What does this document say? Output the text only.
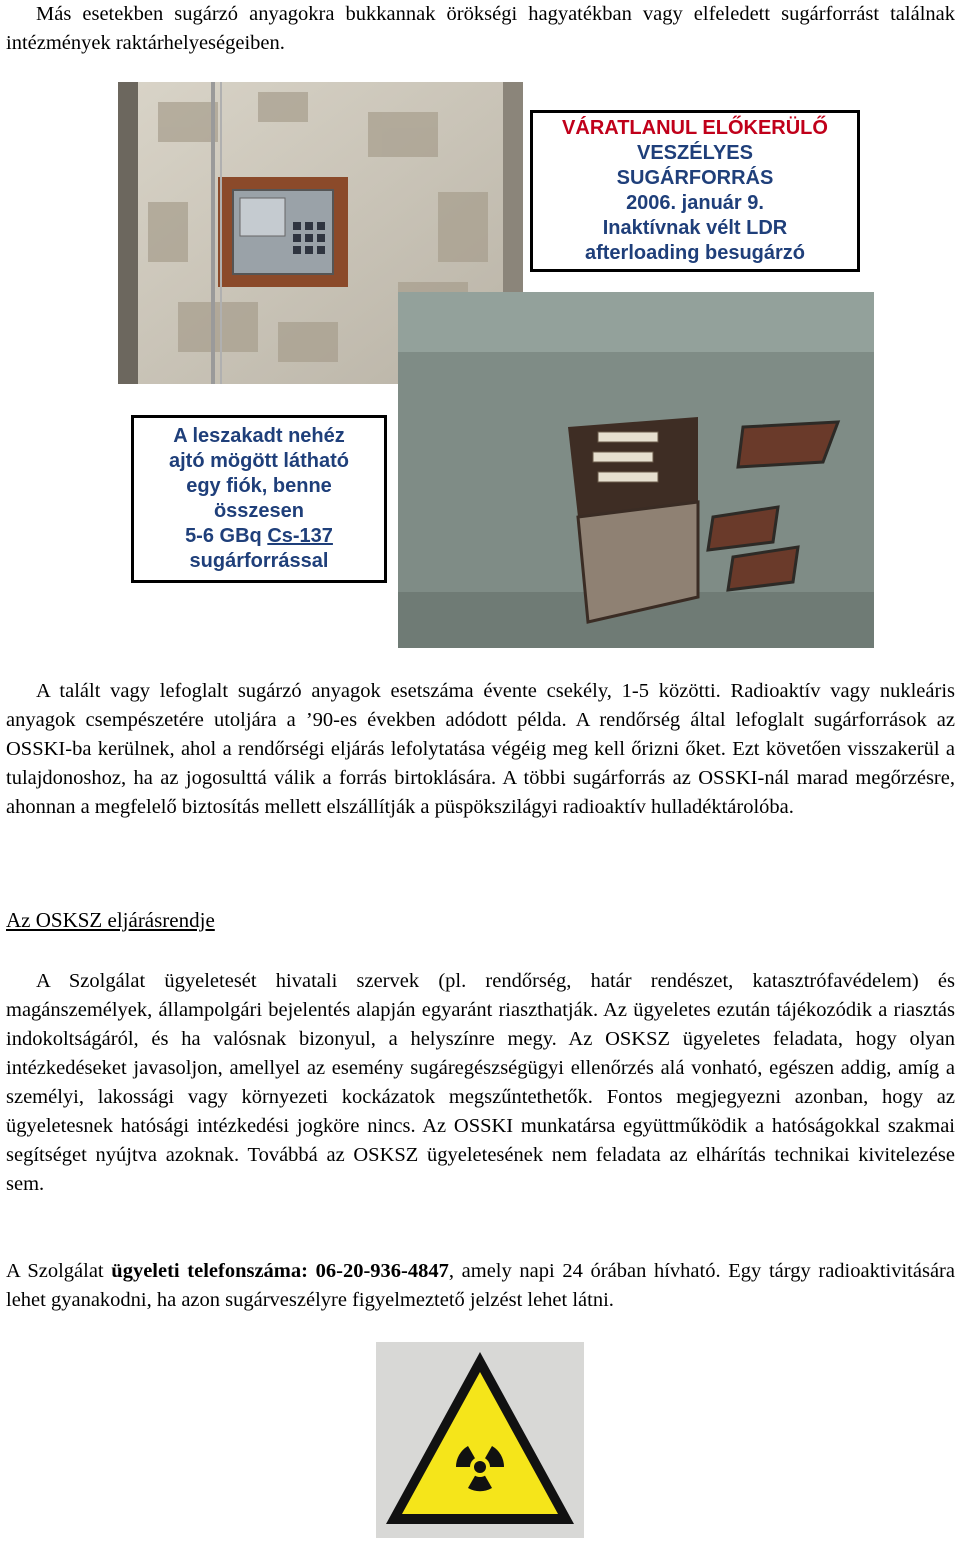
Más esetekben sugárzó anyagokra bukkannak örökségi hagyatékban vagy elfeledett sugárforrást találnak intézmények raktárhelyeségeiben.
VÁRATLANUL ELŐKERÜLŐ
VESZÉLYES
SUGÁRFORRÁS
2006. január 9.
Inaktívnak vélt LDR
afterloading besugárzó
A leszakadt nehéz
ajtó mögött látható
egy fiók, benne
összesen
5-6 GBq Cs-137
sugárforrással
A talált vagy lefoglalt sugárzó anyagok esetszáma évente csekély, 1-5 közötti. Radioaktív vagy nukleáris anyagok csempészetére utoljára a ’90-es években adódott példa. A rendőrség által lefoglalt sugárforrások az OSSKI-ba kerülnek, ahol a rendőrségi eljárás lefolytatása végéig meg kell őrizni őket. Ezt követően visszakerül a tulajdonoshoz, ha az jogosulttá válik a forrás birtoklására. A többi sugárforrás az OSSKI-nál marad megőrzésre, ahonnan a megfelelő biztosítás mellett elszállítják a püspökszilágyi radioaktív hulladéktárolóba.
Az OSKSZ eljárásrendje
A Szolgálat ügyeletesét hivatali szervek (pl. rendőrség, határ rendészet, katasztrófavédelem) és magánszemélyek, állampolgári bejelentés alapján egyaránt riaszthatják. Az ügyeletes ezután tájékozódik a riasztás indokoltságáról, és ha valósnak bizonyul, a helyszínre megy. Az OSKSZ ügyeletes feladata, hogy olyan intézkedéseket javasoljon, amellyel az esemény sugáregészségügyi ellenőrzés alá vonható, egészen addig, amíg a személyi, lakossági vagy környezeti kockázatok megszűntethetők. Fontos megjegyezni azonban, hogy az ügyeletesnek hatósági intézkedési jogköre nincs. Az OSSKI munkatársa együttműködik a hatóságokkal szakmai segítséget nyújtva azoknak. Továbbá az OSKSZ ügyeletesének nem feladata az elhárítás technikai kivitelezése sem.
A Szolgálat ügyeleti telefonszáma: 06-20-936-4847, amely napi 24 órában hívható. Egy tárgy radioaktivitására lehet gyanakodni, ha azon sugárveszélyre figyelmeztető jelzést lehet látni.
